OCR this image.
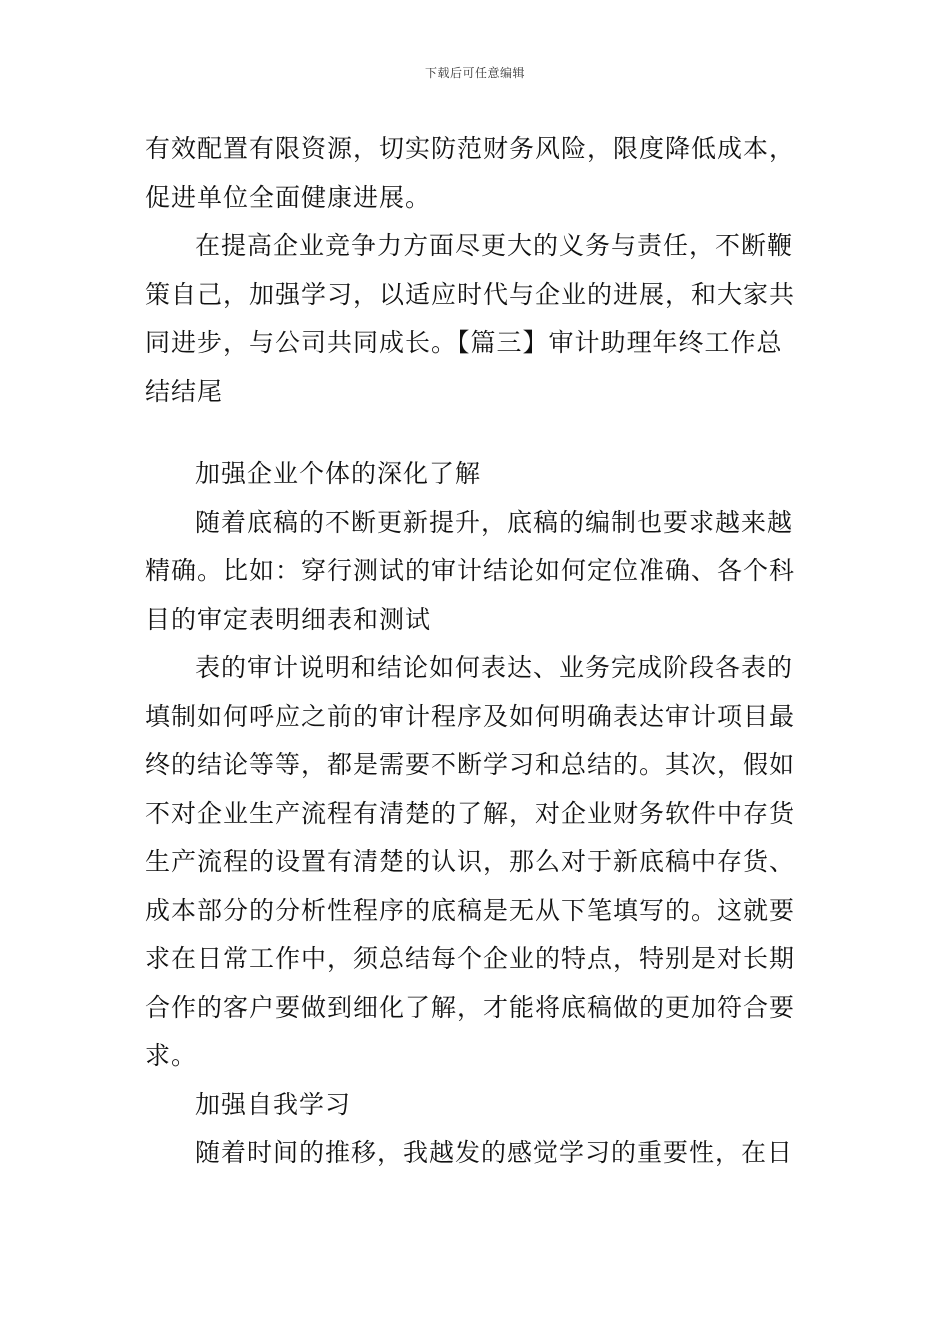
下载后可任意编辑
有效配置有限资源，切实防范财务风险，限度降低成本，
促进单位全面健康进展。
在提高企业竞争力方面尽更大的义务与责任，不断鞭
策自己，加强学习，以适应时代与企业的进展，和大家共
同进步，与公司共同成长。【篇三】审计助理年终工作总
结结尾
加强企业个体的深化了解
随着底稿的不断更新提升，底稿的编制也要求越来越
精确。比如：穿行测试的审计结论如何定位准确、各个科
目的审定表明细表和测试
表的审计说明和结论如何表达、业务完成阶段各表的
填制如何呼应之前的审计程序及如何明确表达审计项目最
终的结论等等，都是需要不断学习和总结的。其次，假如
不对企业生产流程有清楚的了解，对企业财务软件中存货
生产流程的设置有清楚的认识，那么对于新底稿中存货、
成本部分的分析性程序的底稿是无从下笔填写的。这就要
求在日常工作中，须总结每个企业的特点，特别是对长期
合作的客户要做到细化了解，才能将底稿做的更加符合要
求。
加强自我学习
随着时间的推移，我越发的感觉学习的重要性，在日
